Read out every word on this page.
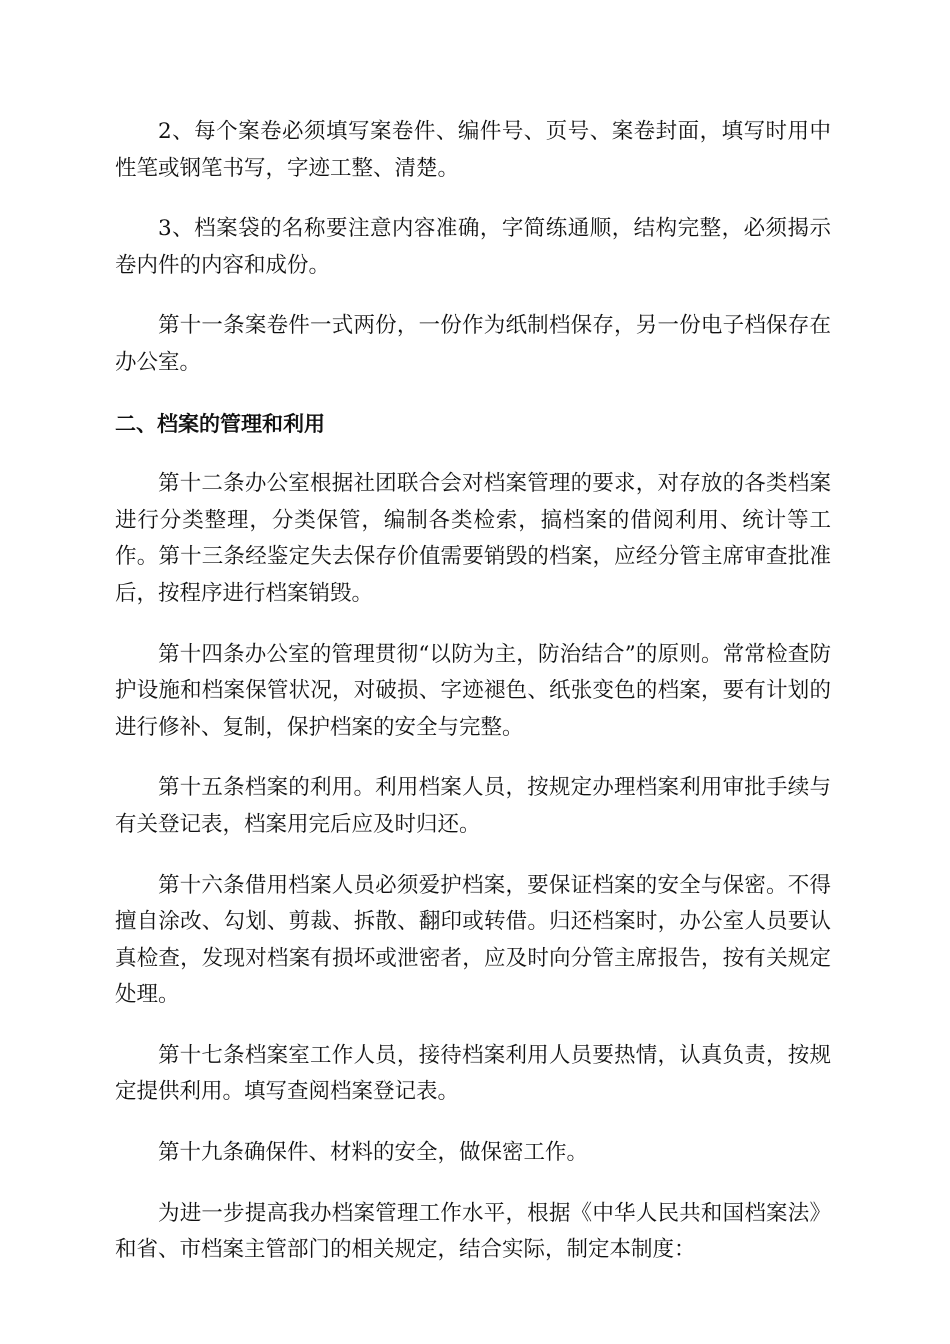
2、每个案卷必须填写案卷件、编件号、页号、案卷封面，填写时用中性笔或钢笔书写，字迹工整、清楚。

3、档案袋的名称要注意内容准确，字简练通顺，结构完整，必须揭示卷内件的内容和成份。

第十一条案卷件一式两份，一份作为纸制档保存，另一份电子档保存在办公室。

二、档案的管理和利用

第十二条办公室根据社团联合会对档案管理的要求，对存放的各类档案进行分类整理，分类保管，编制各类检索，搞档案的借阅利用、统计等工作。第十三条经鉴定失去保存价值需要销毁的档案，应经分管主席审查批准后，按程序进行档案销毁。

第十四条办公室的管理贯彻“以防为主，防治结合”的原则。常常检查防护设施和档案保管状况，对破损、字迹褪色、纸张变色的档案，要有计划的进行修补、复制，保护档案的安全与完整。

第十五条档案的利用。利用档案人员，按规定办理档案利用审批手续与有关登记表，档案用完后应及时归还。

第十六条借用档案人员必须爱护档案，要保证档案的安全与保密。不得擅自涂改、勾划、剪裁、拆散、翻印或转借。归还档案时，办公室人员要认真检查，发现对档案有损坏或泄密者，应及时向分管主席报告，按有关规定处理。

第十七条档案室工作人员，接待档案利用人员要热情，认真负责，按规定提供利用。填写查阅档案登记表。

第十九条确保件、材料的安全，做保密工作。

为进一步提高我办档案管理工作水平，根据《中华人民共和国档案法》和省、市档案主管部门的相关规定，结合实际，制定本制度：
